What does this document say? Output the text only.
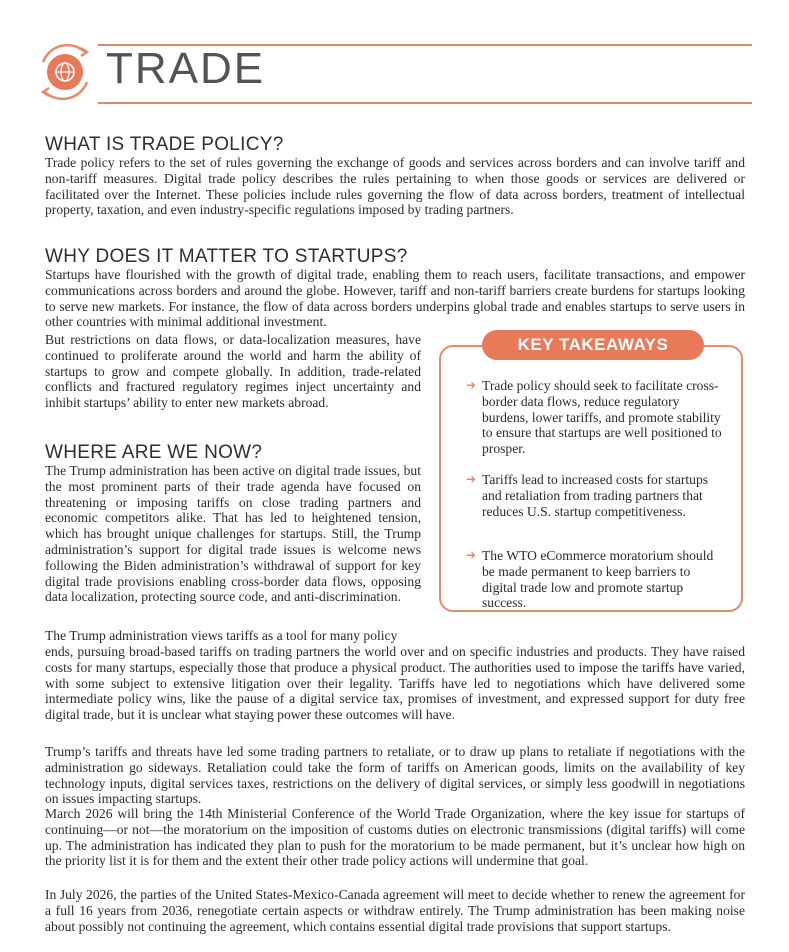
TRADE
WHAT IS TRADE POLICY?

Trade policy refers to the set of rules governing the exchange of goods and services across borders and can involve tariff and non-tariff measures. Digital trade policy describes the rules pertaining to when those goods or services are delivered or facilitated over the Internet. These policies include rules governing the flow of data across borders, treatment of intellectual property, taxation, and even industry-specific regulations imposed by trading partners.

WHY DOES IT MATTER TO STARTUPS?

Startups have flourished with the growth of digital trade, enabling them to reach users, facilitate transactions, and empower communications across borders and around the globe. However, tariff and non-tariff barriers create burdens for startups looking to serve new markets. For instance, the flow of data across borders underpins global trade and enables startups to serve users in other countries with minimal additional investment.

But restrictions on data flows, or data-localization measures, have continued to proliferate around the world and harm the ability of startups to grow and compete globally. In addition, trade-related conflicts and fractured regulatory regimes inject uncertainty and inhibit startups’ ability to enter new markets abroad.

WHERE ARE WE NOW?

The Trump administration has been active on digital trade issues, but the most prominent parts of their trade agenda have focused on threatening or imposing tariffs on close trading partners and economic competitors alike. That has led to heightened tension, which has brought unique challenges for startups. Still, the Trump administration’s support for digital trade issues is welcome news following the Biden administration’s withdrawal of support for key digital trade provisions enabling cross-border data flows, opposing data localization, protecting source code, and anti-discrimination.

The Trump administration views tariffs as a tool for many policy

ends, pursuing broad-based tariffs on trading partners the world over and on specific industries and products. They have raised costs for many startups, especially those that produce a physical product. The authorities used to impose the tariffs have varied, with some subject to extensive litigation over their legality. Tariffs have led to negotiations which have delivered some intermediate policy wins, like the pause of a digital service tax, promises of investment, and expressed support for duty free digital trade, but it is unclear what staying power these outcomes will have.

Trump’s tariffs and threats have led some trading partners to retaliate, or to draw up plans to retaliate if negotiations with the administration go sideways. Retaliation could take the form of tariffs on American goods, limits on the availability of key technology inputs, digital services taxes, restrictions on the delivery of digital services, or simply less goodwill in negotiations on issues impacting startups.

March 2026 will bring the 14th Ministerial Conference of the World Trade Organization, where the key issue for startups of continuing—or not—the moratorium on the imposition of customs duties on electronic transmissions (digital tariffs) will come up. The administration has indicated they plan to push for the moratorium to be made permanent, but it’s unclear how high on the priority list it is for them and the extent their other trade policy actions will undermine that goal.

In July 2026, the parties of the United States-Mexico-Canada agreement will meet to decide whether to renew the agreement for a full 16 years from 2036, renegotiate certain aspects or withdraw entirely. The Trump administration has been making noise about possibly not continuing the agreement, which contains essential digital trade provisions that support startups.

KEY TAKEAWAYS
➜ Trade policy should seek to facilitate cross-border data flows, reduce regulatory burdens, lower tariffs, and promote stability to ensure that startups are well positioned to prosper.
➜ Tariffs lead to increased costs for startups and retaliation from trading partners that reduces U.S. startup competitiveness.
➜ The WTO eCommerce moratorium should be made permanent to keep barriers to digital trade low and promote startup success.
